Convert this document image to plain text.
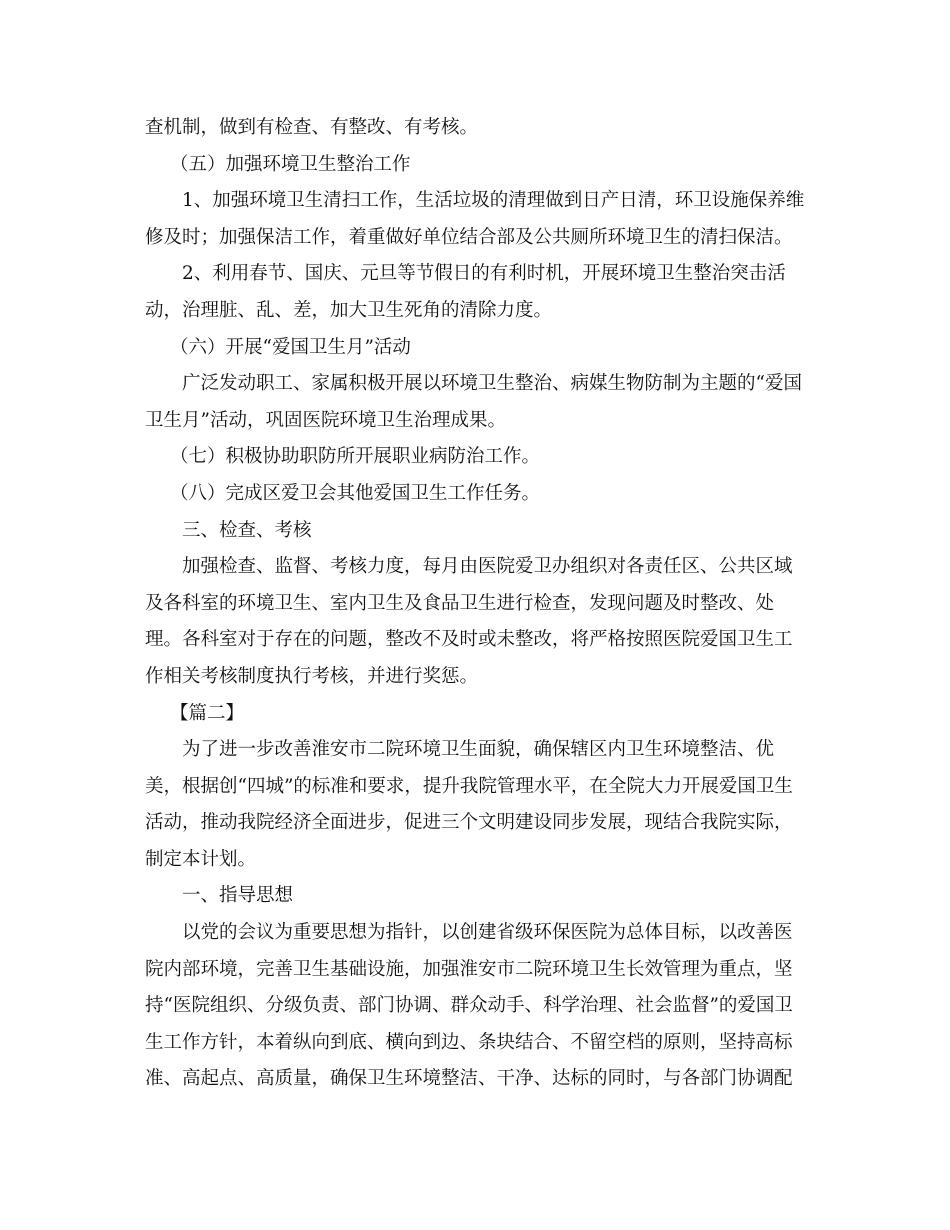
查机制，做到有检查、有整改、有考核。
（五）加强环境卫生整治工作
1、加强环境卫生清扫工作，生活垃圾的清理做到日产日清，环卫设施保养维
修及时；加强保洁工作，着重做好单位结合部及公共厕所环境卫生的清扫保洁。
2、利用春节、国庆、元旦等节假日的有利时机，开展环境卫生整治突击活
动，治理脏、乱、差，加大卫生死角的清除力度。
（六）开展“爱国卫生月”活动
广泛发动职工、家属积极开展以环境卫生整治、病媒生物防制为主题的“爱国
卫生月”活动，巩固医院环境卫生治理成果。
（七）积极协助职防所开展职业病防治工作。
（八）完成区爱卫会其他爱国卫生工作任务。
三、检查、考核
加强检查、监督、考核力度，每月由医院爱卫办组织对各责任区、公共区域
及各科室的环境卫生、室内卫生及食品卫生进行检查，发现问题及时整改、处
理。各科室对于存在的问题，整改不及时或未整改，将严格按照医院爱国卫生工
作相关考核制度执行考核，并进行奖惩。
【篇二】
为了进一步改善淮安市二院环境卫生面貌，确保辖区内卫生环境整洁、优
美，根据创“四城”的标准和要求，提升我院管理水平，在全院大力开展爱国卫生
活动，推动我院经济全面进步，促进三个文明建设同步发展，现结合我院实际，
制定本计划。
一、指导思想
以党的会议为重要思想为指针，以创建省级环保医院为总体目标，以改善医
院内部环境，完善卫生基础设施，加强淮安市二院环境卫生长效管理为重点，坚
持“医院组织、分级负责、部门协调、群众动手、科学治理、社会监督”的爱国卫
生工作方针，本着纵向到底、横向到边、条块结合、不留空档的原则，坚持高标
准、高起点、高质量，确保卫生环境整洁、干净、达标的同时，与各部门协调配
